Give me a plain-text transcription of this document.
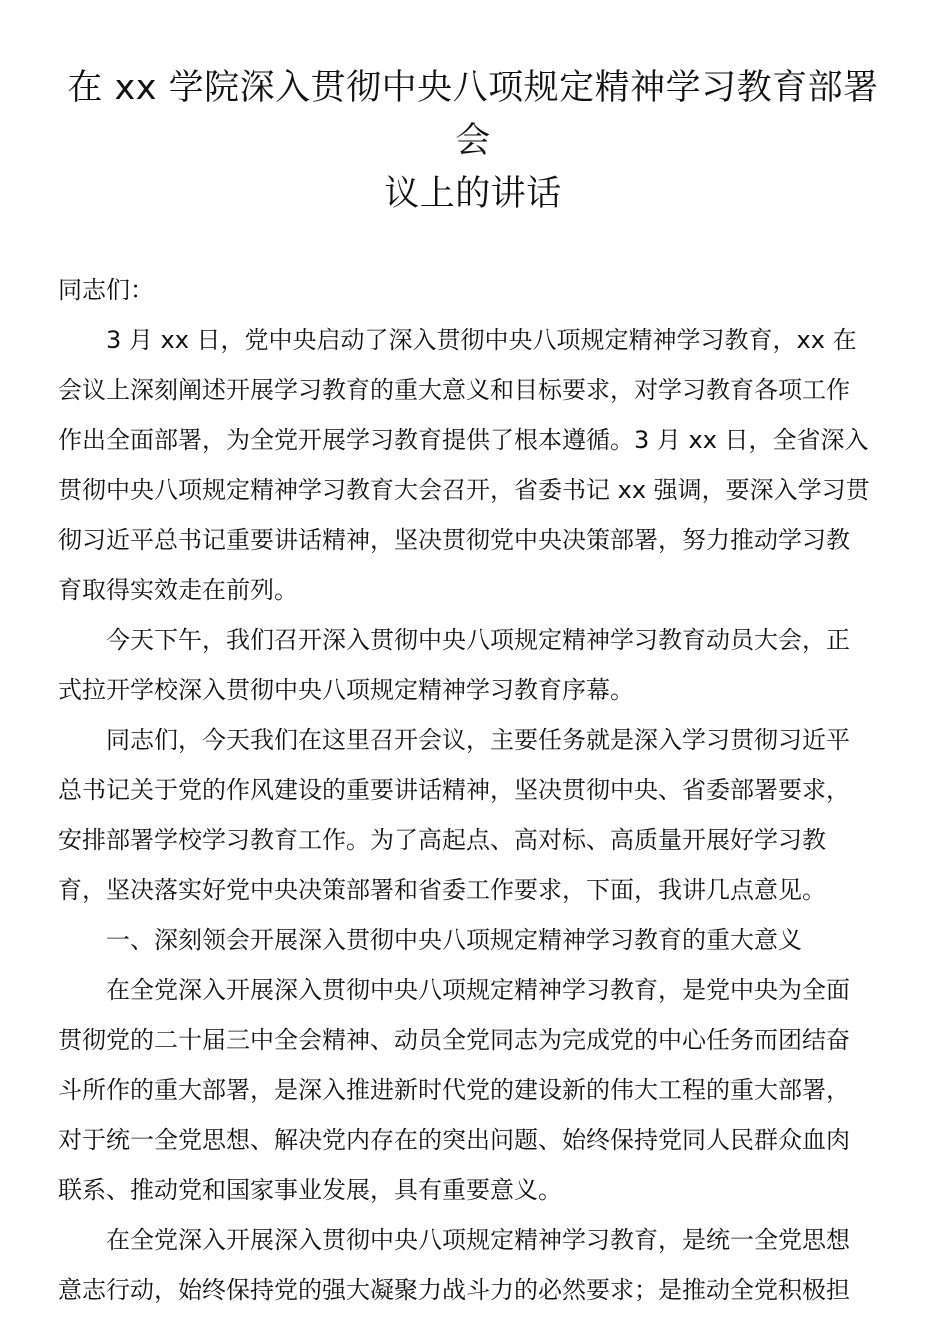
在 xx 学院深入贯彻中央八项规定精神学习教育部署会
议上的讲话

同志们：

3 月 xx 日，党中央启动了深入贯彻中央八项规定精神学习教育，xx 在
会议上深刻阐述开展学习教育的重大意义和目标要求，对学习教育各项工作
作出全面部署，为全党开展学习教育提供了根本遵循。3 月 xx 日，全省深入
贯彻中央八项规定精神学习教育大会召开，省委书记 xx 强调，要深入学习贯
彻习近平总书记重要讲话精神，坚决贯彻党中央决策部署，努力推动学习教
育取得实效走在前列。

今天下午，我们召开深入贯彻中央八项规定精神学习教育动员大会，正
式拉开学校深入贯彻中央八项规定精神学习教育序幕。

同志们，今天我们在这里召开会议，主要任务就是深入学习贯彻习近平
总书记关于党的作风建设的重要讲话精神，坚决贯彻中央、省委部署要求，
安排部署学校学习教育工作。为了高起点、高对标、高质量开展好学习教
育，坚决落实好党中央决策部署和省委工作要求，下面，我讲几点意见。

一、深刻领会开展深入贯彻中央八项规定精神学习教育的重大意义

在全党深入开展深入贯彻中央八项规定精神学习教育，是党中央为全面
贯彻党的二十届三中全会精神、动员全党同志为完成党的中心任务而团结奋
斗所作的重大部署，是深入推进新时代党的建设新的伟大工程的重大部署，
对于统一全党思想、解决党内存在的突出问题、始终保持党同人民群众血肉
联系、推动党和国家事业发展，具有重要意义。

在全党深入开展深入贯彻中央八项规定精神学习教育，是统一全党思想
意志行动，始终保持党的强大凝聚力战斗力的必然要求；是推动全党积极担
